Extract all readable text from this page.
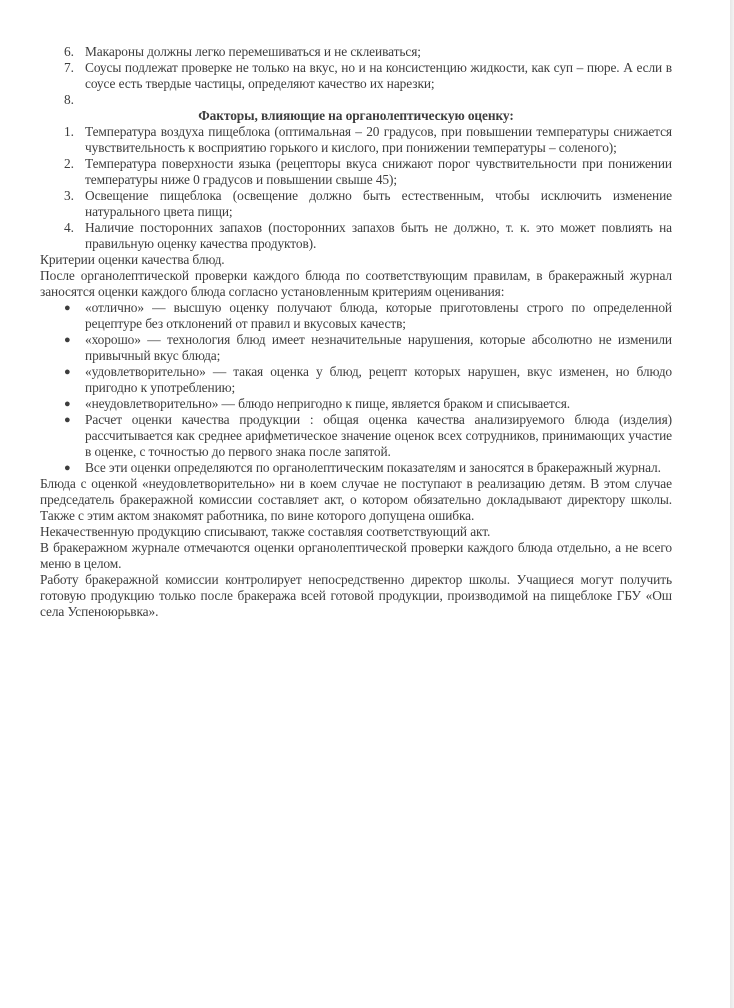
6. Макароны должны легко перемешиваться и не склеиваться;

7. Соусы подлежат проверке не только на вкус, но и на консистенцию жидкости, как суп – пюре. А если в соусе есть твердые частицы, определяют качество их нарезки;

8.

Факторы, влияющие на органолептическую оценку:

1. Температура воздуха пищеблока (оптимальная – 20 градусов, при повышении температуры снижается чувствительность к восприятию горького и кислого, при понижении температуры – соленого);

2. Температура поверхности языка (рецепторы вкуса снижают порог чувствительности при понижении температуры ниже 0 градусов и повышении свыше 45);

3. Освещение пищеблока (освещение должно быть естественным, чтобы исключить изменение натурального цвета пищи;

4. Наличие посторонних запахов (посторонних запахов быть не должно, т. к. это может повлиять на правильную оценку качества продуктов).

Критерии оценки качества блюд.

После органолептической проверки каждого блюда по соответствующим правилам, в бракеражный журнал заносятся оценки каждого блюда согласно установленным критериям оценивания:

●	«отлично» — высшую оценку получают блюда, которые приготовлены строго по определенной рецептуре без отклонений от правил и вкусовых качеств;

●	«хорошо» — технология блюд имеет незначительные нарушения, которые абсолютно не изменили привычный вкус блюда;

●	«удовлетворительно» — такая оценка у блюд, рецепт которых нарушен, вкус изменен, но блюдо пригодно к употреблению;

●	«неудовлетворительно» — блюдо непригодно к пище, является браком и списывается.

●	Расчет оценки качества продукции : общая оценка качества анализируемого блюда (изделия) рассчитывается как среднее арифметическое значение оценок всех сотрудников, принимающих участие в оценке, с точностью до первого знака после запятой.

●	Все эти оценки определяются по органолептическим показателям и заносятся в бракеражный журнал.

Блюда с оценкой «неудовлетворительно» ни в коем случае не поступают в реализацию детям. В этом случае председатель бракеражной комиссии составляет акт, о котором обязательно докладывают директору школы. Также с этим актом знакомят работника, по вине которого допущена ошибка.

Некачественную продукцию списывают, также составляя соответствующий акт.

В бракеражном журнале отмечаются оценки органолептической проверки каждого блюда отдельно, а не всего меню в целом.

Работу бракеражной комиссии контролирует непосредственно директор школы. Учащиеся могут получить готовую продукцию только после бракеража всей готовой продукции, производимой на пищеблоке ГБУ «Ош села Успеноюрьвка».
